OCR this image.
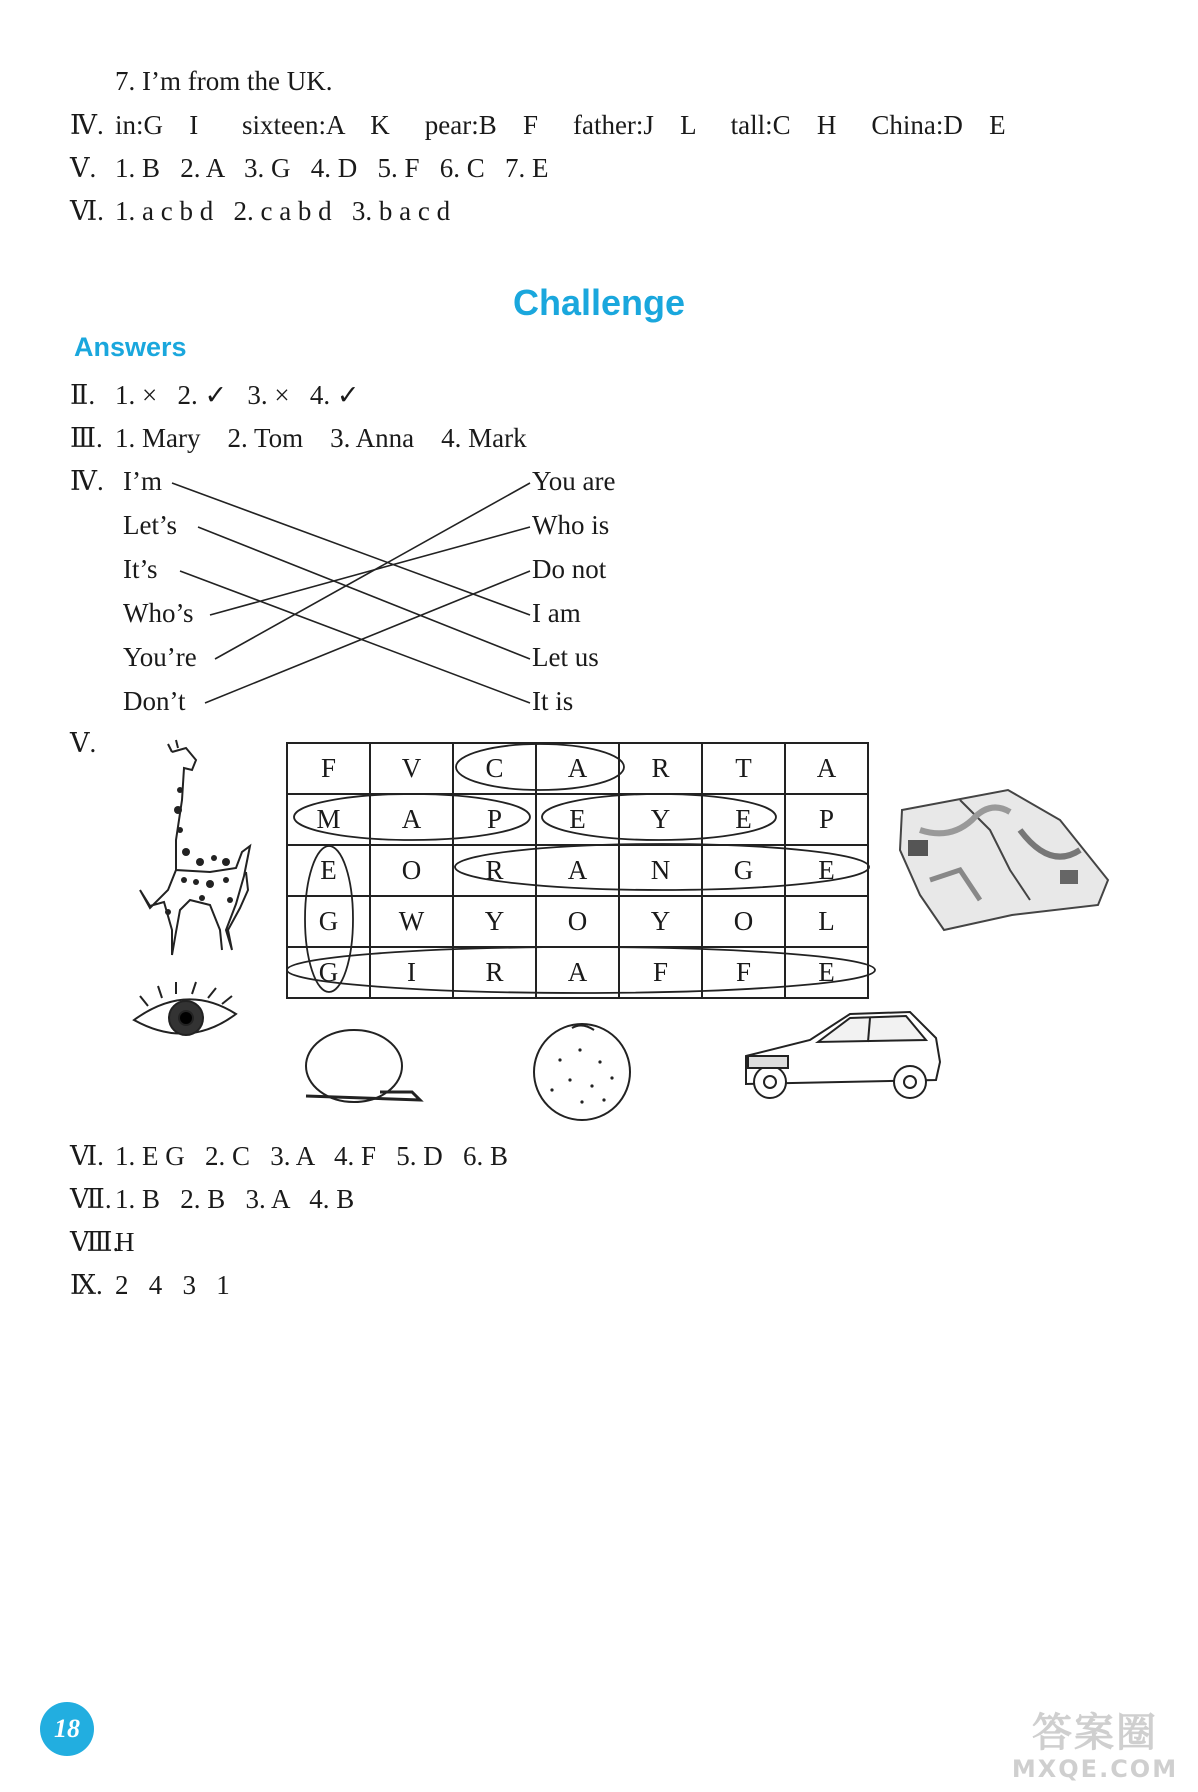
7. I’m from the UK.
Ⅳ. in:G   I     sixteen:A   K    pear:B   F    father:J   L    tall:C   H    China:D   E
Ⅴ. 1. B   2. A   3. G   4. D   5. F   6. C   7. E
Ⅵ. 1. a c b d   2. c a b d   3. b a c d
Challenge
Answers
Ⅱ. 1. ×   2. ✓   3. ×   4. ✓
Ⅲ. 1. Mary    2. Tom    3. Anna    4. Mark
Ⅳ. I’m
Let’s
It’s
Who’s
You’re
Don’t
You are
Who is
Do not
I am
Let us
It is
Ⅴ.
F	V	C	A	R	T	A
M	A	P	E	Y	E	P
E	O	R	A	N	G	E
G	W	Y	O	Y	O	L
G	I	R	A	F	F	E
Ⅵ. 1. E G   2. C   3. A   4. F   5. D   6. B
Ⅶ. 1. B   2. B   3. A   4. B
Ⅷ.
H
Ⅸ. 2   4   3   1
18	答案圈
MXQE.COM
